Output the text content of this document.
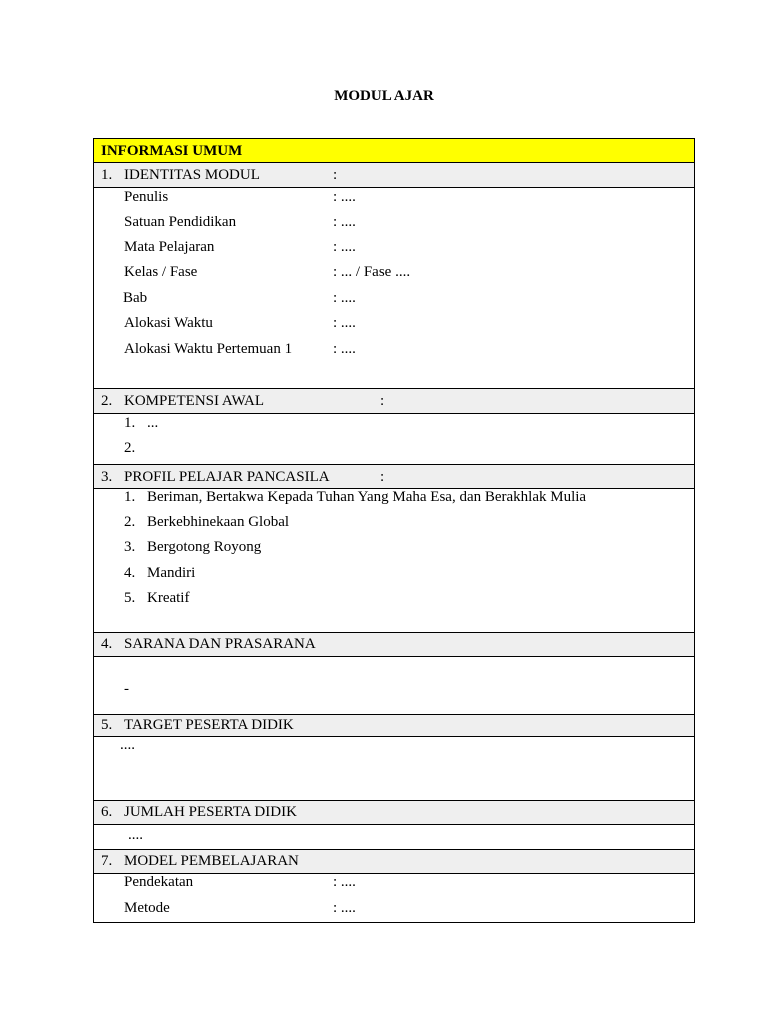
MODUL AJAR
INFORMASI UMUM
1. IDENTITAS MODUL	:
Penulis	: ....
Satuan Pendidikan	: ....
Mata Pelajaran	: ....
Kelas / Fase	: ... / Fase ....
Bab	: ....
Alokasi Waktu	: ....
Alokasi Waktu Pertemuan 1	: ....
2. KOMPETENSI AWAL	:
1. ...
2.
3. PROFIL PELAJAR PANCASILA	:
1. Beriman, Bertakwa Kepada Tuhan Yang Maha Esa, dan Berakhlak Mulia
2. Berkebhinekaan Global
3. Bergotong Royong
4. Mandiri
5. Kreatif
4. SARANA DAN PRASARANA
-
5. TARGET PESERTA DIDIK
....
6. JUMLAH PESERTA DIDIK
....
7. MODEL PEMBELAJARAN
Pendekatan	: ....
Metode	: ....
